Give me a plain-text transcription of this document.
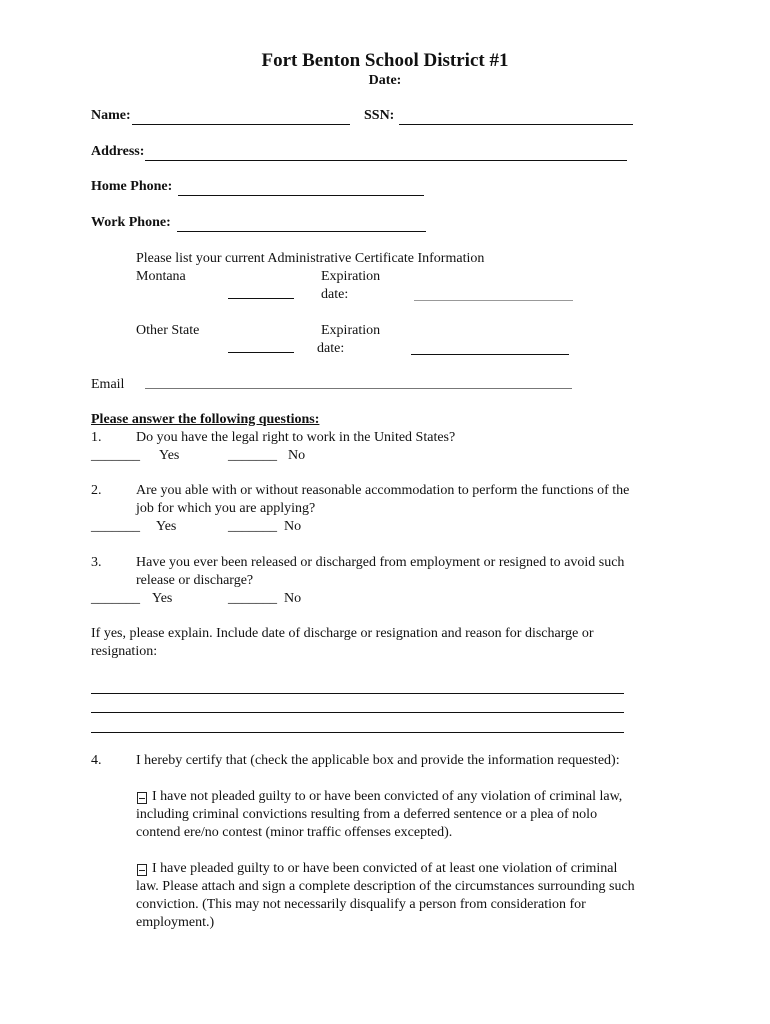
Fort Benton School District #1
Date:
Name:	SSN:
Address:
Home Phone:
Work Phone:
Please list your current Administrative Certificate Information
Montana	Expiration
date:
Other State	Expiration
date:
Email
Please answer the following questions:
1. Do you have the legal right to work in the United States?
_______ Yes	_______ No
2. Are you able with or without reasonable accommodation to perform the functions of the
job for which you are applying?
_______ Yes	_______ No
3. Have you ever been released or discharged from employment or resigned to avoid such
release or discharge?
_______ Yes	_______ No
If yes, please explain. Include date of discharge or resignation and reason for discharge or
resignation:
4. I hereby certify that (check the applicable box and provide the information requested):
I have not pleaded guilty to or have been convicted of any violation of criminal law,
including criminal convictions resulting from a deferred sentence or a plea of nolo
contend ere/no contest (minor traffic offenses excepted).
I have pleaded guilty to or have been convicted of at least one violation of criminal
law. Please attach and sign a complete description of the circumstances surrounding such
conviction. (This may not necessarily disqualify a person from consideration for
employment.)
